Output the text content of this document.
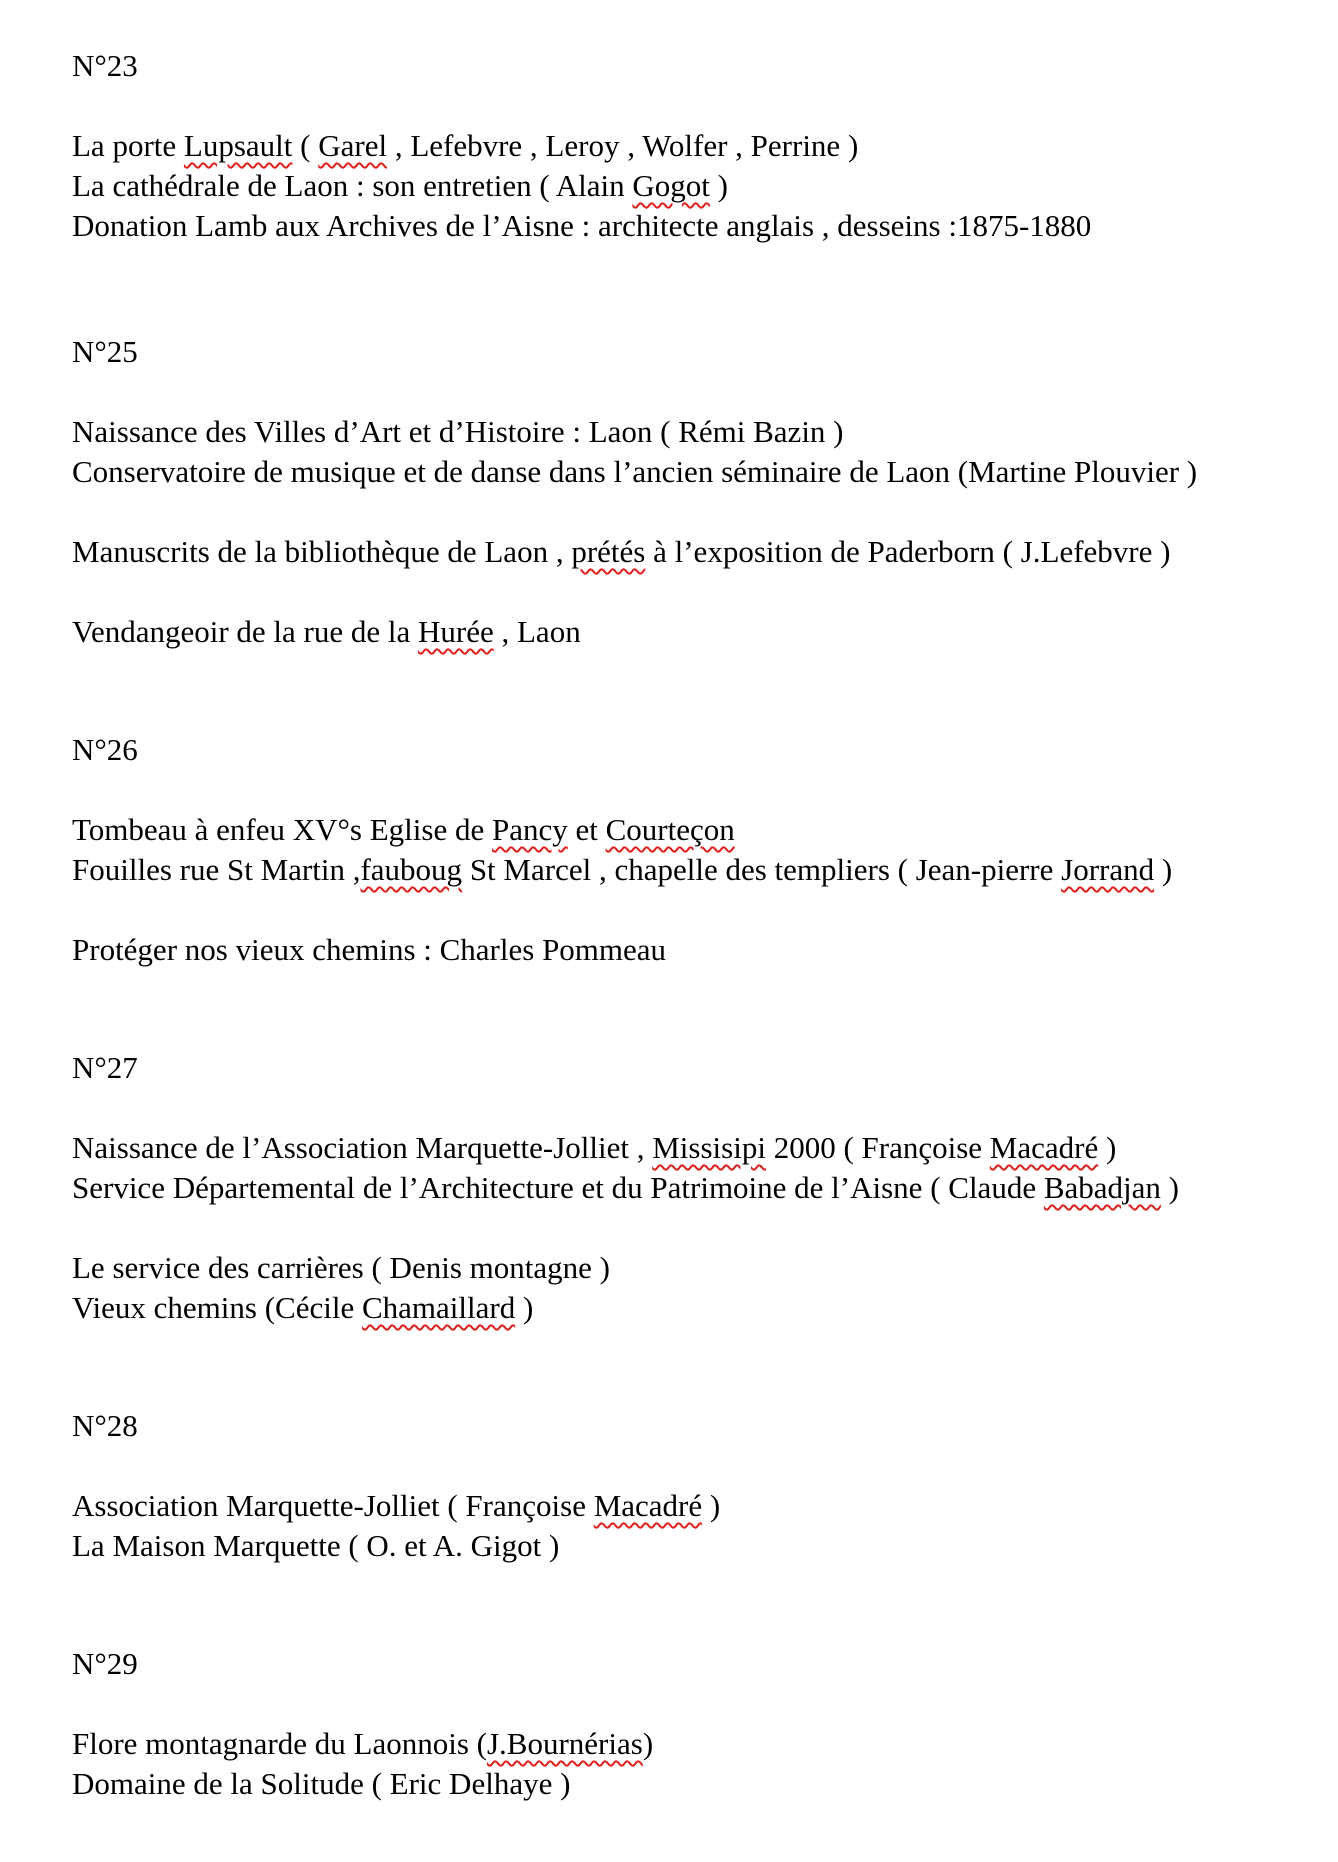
N°23

La porte Lupsault ( Garel , Lefebvre , Leroy , Wolfer , Perrine )

La cathédrale de Laon : son entretien ( Alain Gogot )

Donation Lamb aux Archives de l’Aisne : architecte anglais , desseins :1875-1880

N°25

Naissance des Villes d’Art et d’Histoire : Laon ( Rémi Bazin )

Conservatoire de musique et de danse dans l’ancien séminaire de Laon (Martine Plouvier )

Manuscrits de la bibliothèque de Laon , prétés à l’exposition de Paderborn ( J.Lefebvre )

Vendangeoir de la rue de la Hurée , Laon

N°26

Tombeau à enfeu XV°s Eglise de Pancy et Courteçon

Fouilles rue St Martin ,fauboug St Marcel , chapelle des templiers ( Jean-pierre Jorrand )

Protéger nos vieux chemins : Charles Pommeau

N°27

Naissance de l’Association Marquette-Jolliet , Missisipi 2000 ( Françoise Macadré )

Service Départemental de l’Architecture et du Patrimoine de l’Aisne ( Claude Babadjan )

Le service des carrières ( Denis montagne )

Vieux chemins (Cécile Chamaillard )

N°28

Association Marquette-Jolliet ( Françoise Macadré )

La Maison Marquette ( O. et A. Gigot )

N°29

Flore montagnarde du Laonnois (J.Bournérias)

Domaine de la Solitude ( Eric Delhaye )
